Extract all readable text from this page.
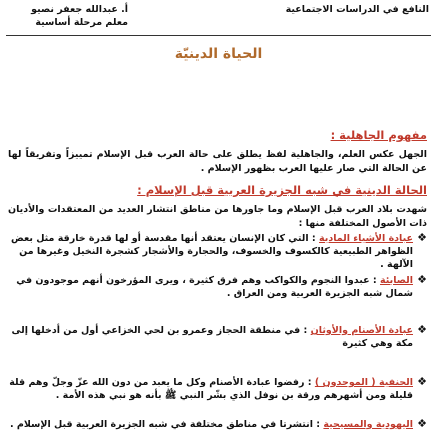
النافع في الدراسات الاجتماعية
أ. عبدالله جعفر نصيو
معلم مرحلة أساسية
الحياة الدينيّة
مفهوم الجاهلية :
الجهل عكس العلم، والجاهلية لفظ يطلق على حالة العرب قبل الإسلام تمييزاً وتفريقاً لها عن الحالة التي صار عليها العرب بظهور الإسلام .
الحالة الدينية في شبه الجزيرة العربية قبل الإسلام :
شهدت بلاد العرب قبل الإسلام وما جاورها من مناطق انتشار العديد من المعتقدات والأديان ذات الأصول المختلفة منها :
❖
عبادة الأشياء المادية : التي كان الإنسان يعتقد أنها مقدسة أو لها قدرة خارقة مثل بعض الظواهر الطبيعية كالكسوف والخسوف، والحجارة والأشجار كشجرة النخيل وغيرها من الآلهة .
❖
الصابئة : عبدوا النجوم والكواكب وهم فرق كثيرة ، ويرى المؤرخون أنهم موجودون في شمال شبه الجزيرة العربية ومن العراق .
❖
عبادة الأصنام والأوثان : في منطقة الحجاز وعمرو بن لحي الخزاعي أول من أدخلها إلى مكة وهي كثيرة
❖
الحنفية ( الموحدون ) : رفضوا عبادة الأصنام وكل ما يعبد من دون الله عزّ وجلّ وهم قلة قليلة ومن أشهرهم ورقة بن نوفل الذي بشّر النبي ﷺ بأنه هو نبي هذه الأمة .
❖
اليهودية والمسيحية : انتشرتا في مناطق مختلفة في شبه الجزيرة العربية قبل الإسلام .
